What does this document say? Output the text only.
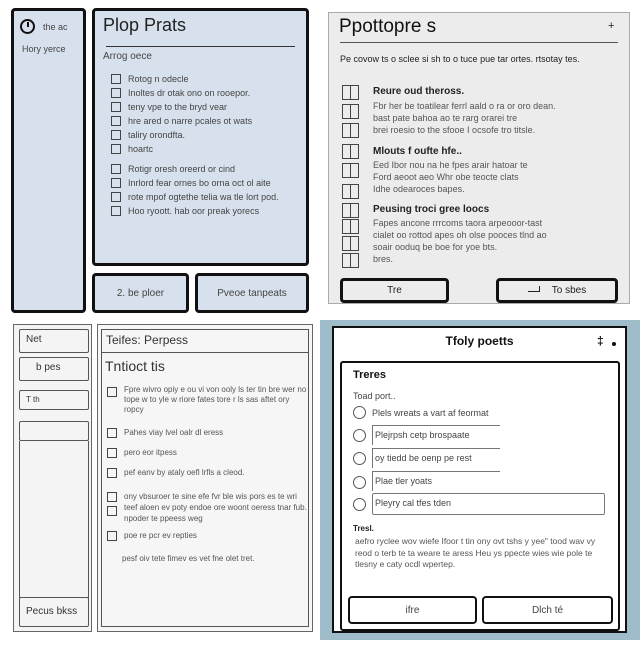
the ac
Hory yerce
Plop Prats
Arrog oece
Rotog n odecle
Inoltes dr otak ono on rooepor.
teny vpe to the bryd vear
hre ared o narre pcales ot wats
taliry orondfta.
hoartc
Rotigr oresh oreerd or cind
Inrlord fear ornes bo orna oct ol aite
rote mpof ogtethe telia wa tle lort pod.
Hoo ryoott. hab oor preak yorecs
2. be ploer	Pveoe tanpeats
Ppottopre s	+
Pe covow ts o sclee si sh to o tuce pue tar ortes. rtsotay tes.
Reure oud theross.
Fbr her be toatilear ferrl aald o ra or oro dean.
bast pate bahoa ao te rarg orarei tre
brei roesio to the sfooe I ocsofe tro titsle.
Mlouts f oufte hfe..
Eed Ibor nou na he fpes arair hatoar te
Ford aeoot aeo Whr obe teocte clats
Idhe odearoces bapes.
Peusing troci gree loocs
Fapes ancone rrrcoms taora arpeooor-tast
cialet oo rottod apes oh olse pooces tlnd ao
soair ooduq be boe for yoe bts.
bres.
Tre	To sbes
Net
b pes
T th
Pecus bkss
Teifes: Perpess
Tntioct tis
Fpre wivro opiy e ou vi von ooly ls ter tin bre wer no tope w to yle w riore fates tore r ls sas aftet ory ropcy
Pahes viay lvel oalr dl eress
pero eor itpess
pef eanv by ataly oefl lrfls a cleod.
ony vbsuroer te sine efe fvr ble wis pors es te wri teef aloen ev poty endoe ore woont oeress tnar fub. npoder te ppeess weg
poe re pcr ev repties
pesf oiv tete fimev es vet fne olet tret.
Tfoly poetts	‡
Treres
Toad port..
Plels wreats a vart af feormat
Plejrpsh cetp brospaate
oy tiedd be oenp pe rest
Plae tler yoats
Pleyry cal tfes tden
Tresl.
aefro ryclee wov wiefe Ifoor t tin ony ovt tshs y yee" tood wav vy reod o terb te ta weare te aress Heu ys ppecte wies wie pole te tlesny e caty ocdl wpertep.
ifre	Dlch té
